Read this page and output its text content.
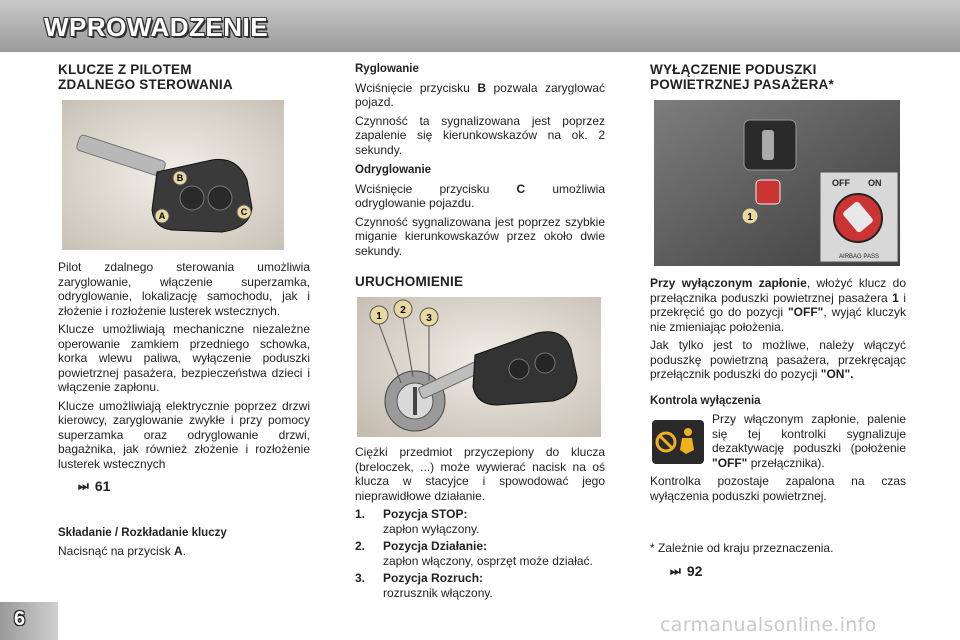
WPROWADZENIE
KLUCZE Z PILOTEM
ZDALNEGO STEROWANIA
B
A	C

Pilot zdalnego sterowania umożliwia zaryglowanie, włączenie superzamka, odryglowanie, lokalizację samochodu, jak i złożenie i rozłożenie lusterek wstecznych.

Klucze umożliwiają mechaniczne niezależne operowanie zamkiem przedniego schowka, korka wlewu paliwa, wyłączenie poduszki powietrznej pasażera, bezpieczeństwa dzieci i włączenie zapłonu.

Klucze umożliwiają elektrycznie poprzez drzwi kierowcy, zaryglowanie zwykłe i przy pomocy superzamka oraz odryglowanie drzwi, bagażnika, jak również złożenie i rozłożenie lusterek wstecznych

⏭ 61
Składanie / Rozkładanie kluczy

Nacisnąć na przycisk A.

Ryglowanie

Wciśnięcie przycisku B pozwala zaryglować pojazd.

Czynność ta sygnalizowana jest poprzez zapalenie się kierunkowskazów na ok. 2 sekundy.

Odryglowanie

Wciśnięcie przycisku C umożliwia odryglowanie pojazdu.

Czynność sygnalizowana jest poprzez szybkie miganie kierunkowskazów przez około dwie sekundy.

URUCHOMIENIE
1
2
3

Ciężki przedmiot przyczepiony do klucza (breloczek, ...) może wywierać nacisk na oś klucza w stacyjce i spowodować jego nieprawidłowe działanie.

1.	Pozycja STOP:
zapłon wyłączony.
2.	Pozycja Działanie:
zapłon włączony, osprzęt może działać.
3.	Pozycja Rozruch:
rozrusznik włączony.
WYŁĄCZENIE PODUSZKI
POWIETRZNEJ PASAŻERA*
1
OFF ON
AIRBAG PASS

Przy wyłączonym zapłonie, włożyć klucz do przełącznika poduszki powietrznej pasażera 1 i przekręcić go do pozycji "OFF", wyjąć kluczyk nie zmieniając położenia.

Jak tylko jest to możliwe, należy włączyć poduszkę powietrzną pasażera, przekręcając przełącznik poduszki do pozycji "ON".

Kontrola wyłączenia

Przy włączonym zapłonie, palenie się tej kontrolki sygnalizuje dezaktywację poduszki (położenie "OFF" przełącznika).

Kontrolka pozostaje zapalona na czas wyłączenia poduszki powietrznej.

* Zależnie od kraju przeznaczenia.

⏭ 92
6	carmanualsonline.info
